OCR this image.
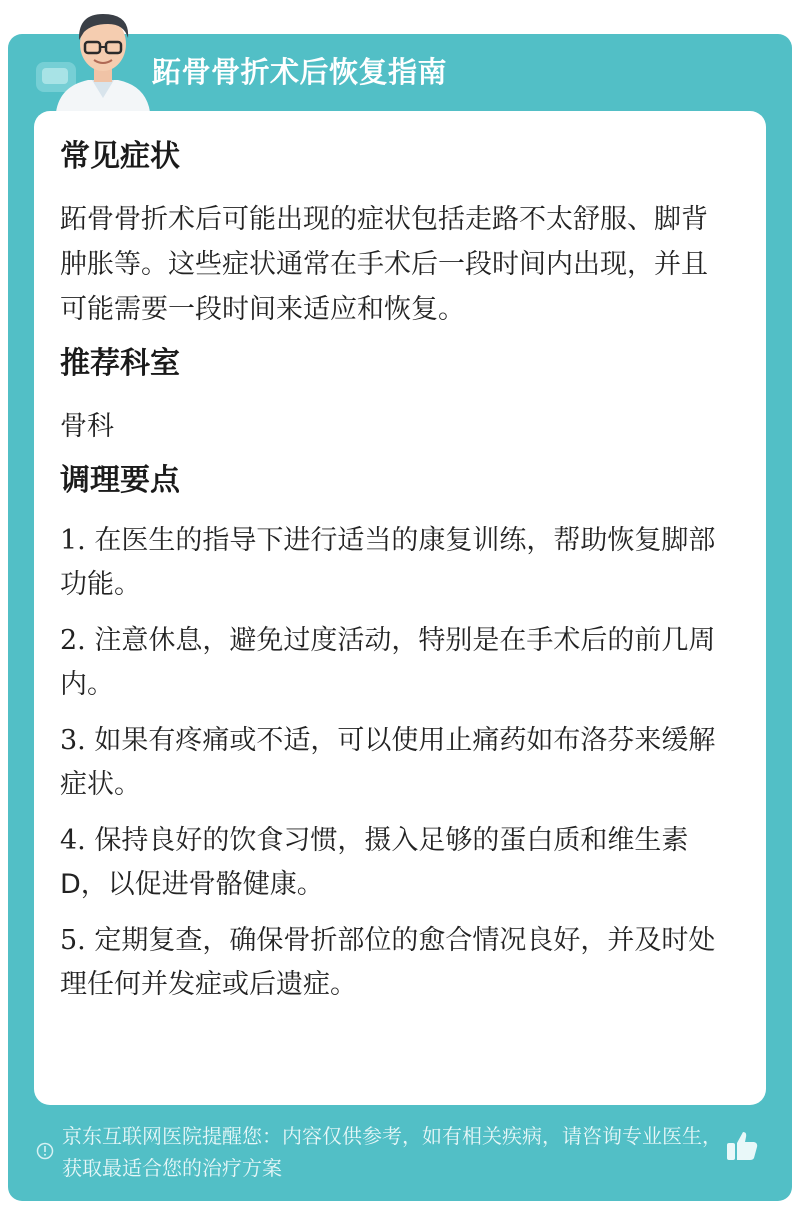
跖骨骨折术后恢复指南

常见症状

跖骨骨折术后可能出现的症状包括走路不太舒服、脚背肿胀等。这些症状通常在手术后一段时间内出现，并且可能需要一段时间来适应和恢复。

推荐科室

骨科

调理要点

1. 在医生的指导下进行适当的康复训练，帮助恢复脚部功能。

2. 注意休息，避免过度活动，特别是在手术后的前几周内。

3. 如果有疼痛或不适，可以使用止痛药如布洛芬来缓解症状。

4. 保持良好的饮食习惯，摄入足够的蛋白质和维生素D，以促进骨骼健康。

5. 定期复查，确保骨折部位的愈合情况良好，并及时处理任何并发症或后遗症。

京东互联网医院提醒您：内容仅供参考，如有相关疾病，请咨询专业医生，获取最适合您的治疗方案
